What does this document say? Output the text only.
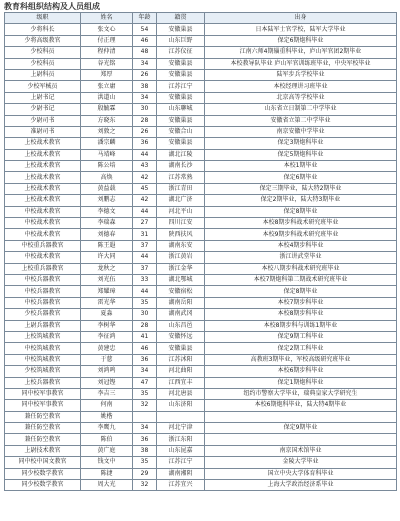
教育科组织结构及人员组成
级职	姓名	年龄	籍贯	出身
少将科长	张文心	54	安徽巢县	日本陆军士官学校，陆军大学毕业
少将高级教官	付正理	46	山东巨野	保定6期炮科毕业
少校科员	程仲清	48	江苏仪征	江南六师4期辎重科毕业，庐山军官团2期毕业
少校科员	谷光铭	34	安徽巢县	本校教导队毕业 庐山军官训练班毕业，中央军校毕业
上尉科员	郑厚	26	安徽巢县	陆军步兵学校毕业
少校军械员	张立庸	38	江苏江宁	本校经理讲习班毕业
上尉书记	洪道山	34	安徽巢县	北京高等学校毕业
少尉书记	殷毓霖	30	山东聊城	山东省立日制第二中学毕业
少尉司书	方晓东	28	安徽巢县	安徽省立第二中学毕业
准尉司书	刘敦之	26	安徽合山	南京安徽中学毕业
上校战术教官	潘宗麟	36	安徽巢县	保定3期炮科毕业
上校战术教官	马靖峰	44	湖北江陵	保定5期炮科毕业
上校战术教官	陈公培	43	湖南长沙	本校1期毕业
上校战术教官	高焕	42	江苏常熟	保定6期毕业
上校战术教官	黄益载	45	浙江青田	保定三期毕业，陆大特2期毕业
上校战术教官	刘鹏志	42	湖北广济	保定2期毕业，陆大特3期毕业
中校战术教官	李德文	44	河北平山	保定8期毕业
中校战术教官	李瑞森	27	四川江安	本校8期步科战术研究班毕业
中校战术教官	刘德春	31	陕西扶风	本校9期步科战术研究班毕业
中校重兵器教官	陈王遐	37	湖南东安	本校4期步科毕业
中校战术教官	许大同	44	浙江黄岩	浙江讲武堂毕业
上校重兵器教官	龙秋之	37	浙江金华	本校八期步科战术研究班毕业
中校兵器教官	刘光伍	33	湖北鄂城	本校7期炮科第二期战术研究班毕业
中校兵器教官	郑耀璋	44	安徽宿松	保定8期毕业
中校兵器教官	雷光华	35	湖南岳阳	本校7期步科毕业
少校兵器教官	夏淼	30	湖南武冈	本校8期步科毕业
上尉兵器教官	李树华	28	山东昌邑	本校8期步科与训练1期毕业
上校筑城教官	李征鸿	41	安徽怀远	保定9期工科毕业
中校筑城教官	黄建忠	46	安徽巢县	保定2期工科毕业
中校筑城教官	于慈	36	江苏沭阳	高教班3期毕业，军校高级研究班毕业
少校筑城教官	刘鸿鸣	34	河北曲阳	本校6期步科毕业
上校兵器教官	刘冠铿	47	江西宜丰	保定1期炮科毕业
同中校军事教官	李吉三	35	河北唐县	纽约市警察大学毕业，瑞典皇家大学研究生
同中校军事教官	何南	32	山东济阳	本校6期炮科毕业，陆大特4期毕业
兼任防空教官	姚楷			
兼任防空教官	李鹰九	34	河北宁津	保定9期毕业
兼任防空教官	陈伯	36	浙江东阳	
上尉技术教官	黄广庭	38	山东昆嘉	南京国术馆毕业
同中校中国文教官	钱文中	35	江苏江宁	金陵大学毕业
同少校数学教官	陈捷	29	湖南湘阴	国立中央大学体育科毕业
同少校数学教官	周大光	32	江苏宜兴	上海大学政治经济系毕业
